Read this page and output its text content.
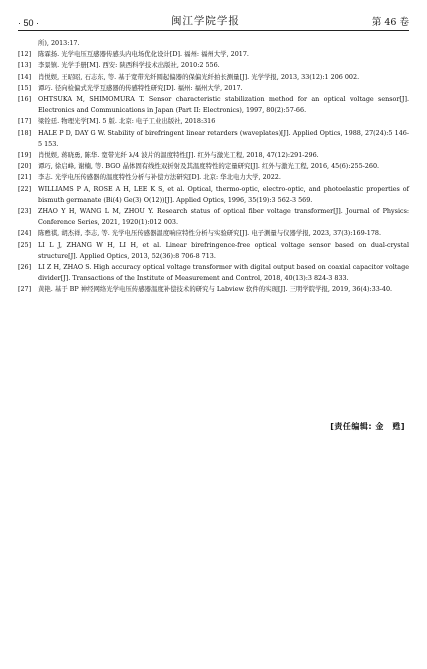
· 50 ·	闽江学院学报	第 46 卷
所), 2013:17.
[12]	陈霖扬. 光学电压互感器传感头内电场优化设计[D]. 福州: 福州大学, 2017.
[13]	李景镇. 光学手册[M]. 西安: 陕西科学技术出版社, 2010:2 556.
[14]	肖悦娱, 王昭昭, 石志东, 等. 基于宽带光纤圆起偏器的保偏光纤拍长测量[J]. 光学学报, 2013, 33(12):1 206 002.
[15]	谭巧. 径向检偏式光学互感器的传感特性研究[D]. 福州: 福州大学, 2017.
[16]	OHTSUKA M, SHIMOMURA T. Sensor characteristic stabilization method for an optical voltage sensor[J]. Electronics and Communications in Japan (Part II: Electronics), 1997, 80(2):57-66.
[17]	梁铨廷. 物理光学[M]. 5 版. 北京: 电子工业出版社, 2018:316
[18]	HALE P D, DAY G W. Stability of birefringent linear retarders (waveplates)[J]. Applied Optics, 1988, 27(24):5 146-5 153.
[19]	肖悦娱, 蒋晓勇, 陈华. 宽带光纤 λ/4 波片的温度特性[J]. 红外与激光工程, 2018, 47(12):291-296.
[20]	谭巧, 徐启峰, 谢楠, 等. BGO 晶体固有线性双折射及其温度特性的定量研究[J]. 红外与激光工程, 2016, 45(6):255-260.
[21]	李志. 光学电压传感器的温度特性分析与补偿方法研究[D]. 北京: 华北电力大学, 2022.
[22]	WILLIAMS P A, ROSE A H, LEE K S, et al. Optical, thermo-optic, electro-optic, and photoelastic properties of bismuth germanate (Bi(4) Ge(3) O(12))[J]. Applied Optics, 1996, 35(19):3 562-3 569.
[23]	ZHAO Y H, WANG L M, ZHOU Y. Research status of optical fiber voltage transformer[J]. Journal of Physics: Conference Series, 2021, 1920(1):012 003.
[24]	陈甦祺, 胡杰祥, 李志, 等. 光学电压传感器温度响应特性分析与实验研究[J]. 电子测量与仪器学报, 2023, 37(3):169-178.
[25]	LI L J, ZHANG W H, LI H, et al. Linear birefringence-free optical voltage sensor based on dual-crystal structure[J]. Applied Optics, 2013, 52(36):8 706-8 713.
[26]	LI Z H, ZHAO S. High accuracy optical voltage transformer with digital output based on coaxial capacitor voltage divider[J]. Transactions of the Institute of Measurement and Control, 2018, 40(13):3 824-3 833.
[27]	黄艳. 基于 BP 神经网络光学电压传感器温度补偿技术的研究与 Labview 软件的实现[J]. 三明学院学报, 2019, 36(4):33-40.
[责任编辑: 金　甦]
